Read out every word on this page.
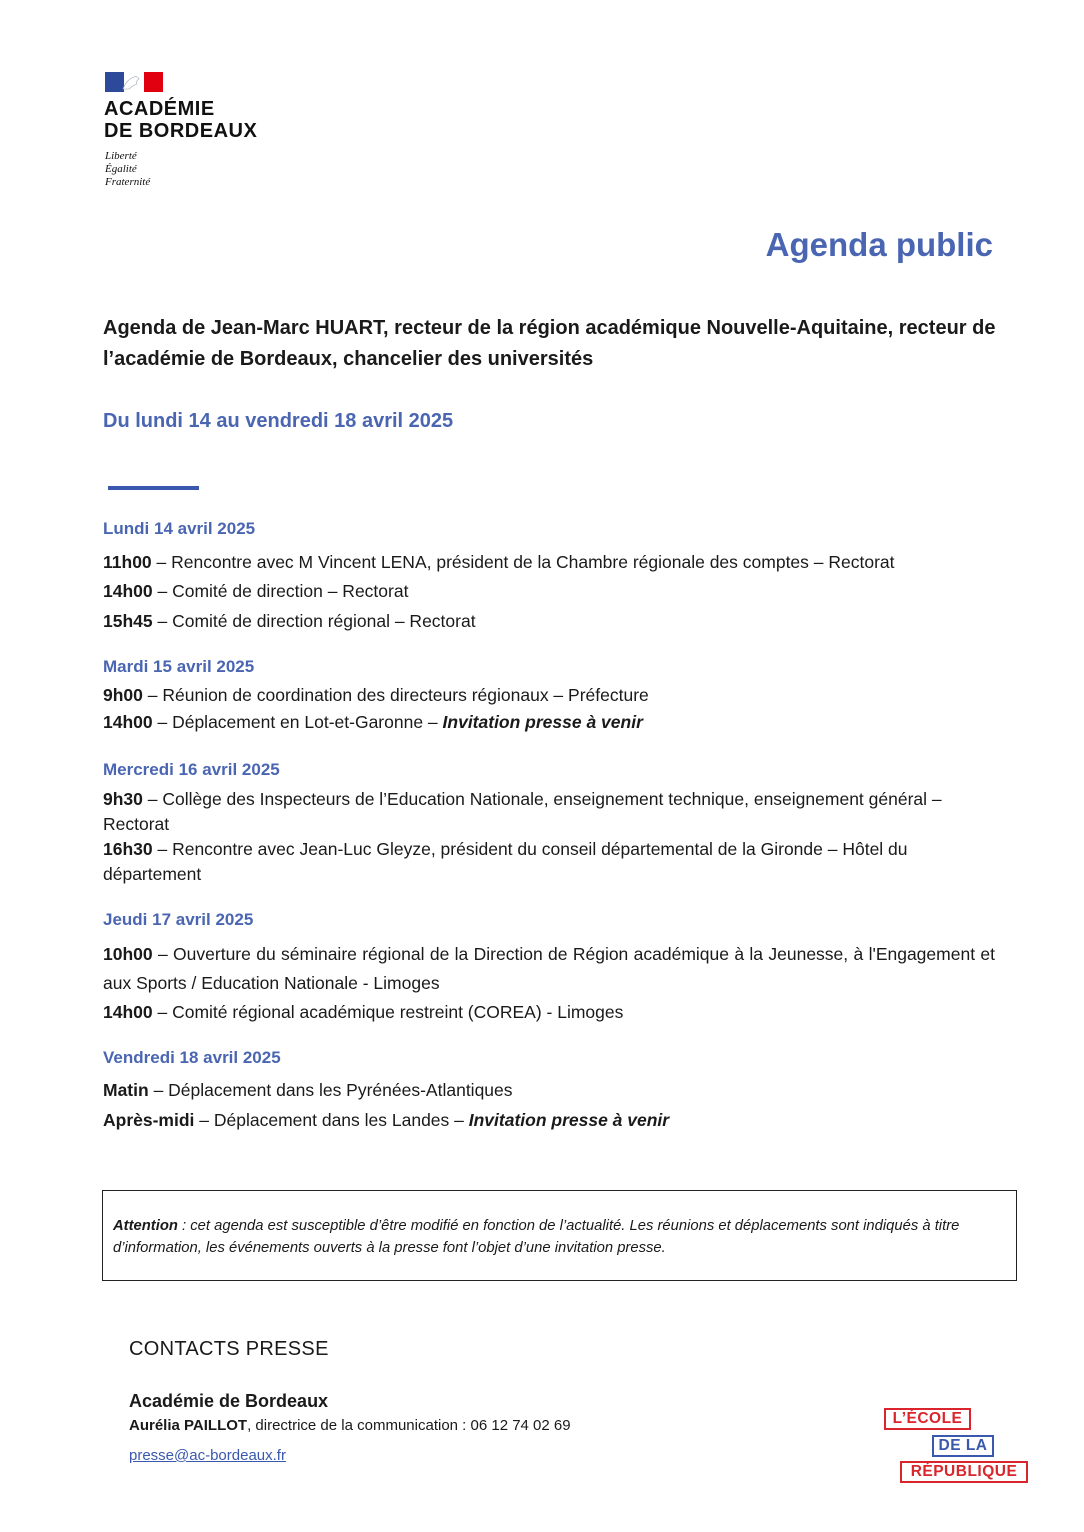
ACADÉMIE
DE BORDEAUX
Liberté
Égalité
Fraternité
Agenda public
Agenda de Jean-Marc HUART, recteur de la région académique Nouvelle-Aquitaine, recteur de l’académie de Bordeaux, chancelier des universités
Du lundi 14 au vendredi 18 avril 2025
Lundi 14 avril 2025
11h00 – Rencontre avec M Vincent LENA, président de la Chambre régionale des comptes – Rectorat
14h00 – Comité de direction – Rectorat
15h45 – Comité de direction régional – Rectorat
Mardi 15 avril 2025
9h00 – Réunion de coordination des directeurs régionaux – Préfecture
14h00 – Déplacement en Lot-et-Garonne – Invitation presse à venir
Mercredi 16 avril 2025
9h30 – Collège des Inspecteurs de l’Education Nationale, enseignement technique, enseignement général – Rectorat
16h30 – Rencontre avec Jean-Luc Gleyze, président du conseil départemental de la Gironde – Hôtel du département
Jeudi 17 avril 2025
10h00 – Ouverture du séminaire régional de la Direction de Région académique à la Jeunesse, à l'Engagement et aux Sports / Education Nationale - Limoges
14h00 – Comité régional académique restreint (COREA) - Limoges
Vendredi 18 avril 2025
Matin – Déplacement dans les Pyrénées-Atlantiques
Après-midi – Déplacement dans les Landes – Invitation presse à venir

Attention : cet agenda est susceptible d’être modifié en fonction de l’actualité. Les réunions et déplacements sont indiqués à titre d’information, les événements ouverts à la presse font l’objet d’une invitation presse.

CONTACTS PRESSE
Académie de Bordeaux
Aurélia PAILLOT, directrice de la communication : 06 12 74 02 69
presse@ac-bordeaux.fr
L’ÉCOLE
DE LA
RÉPUBLIQUE
